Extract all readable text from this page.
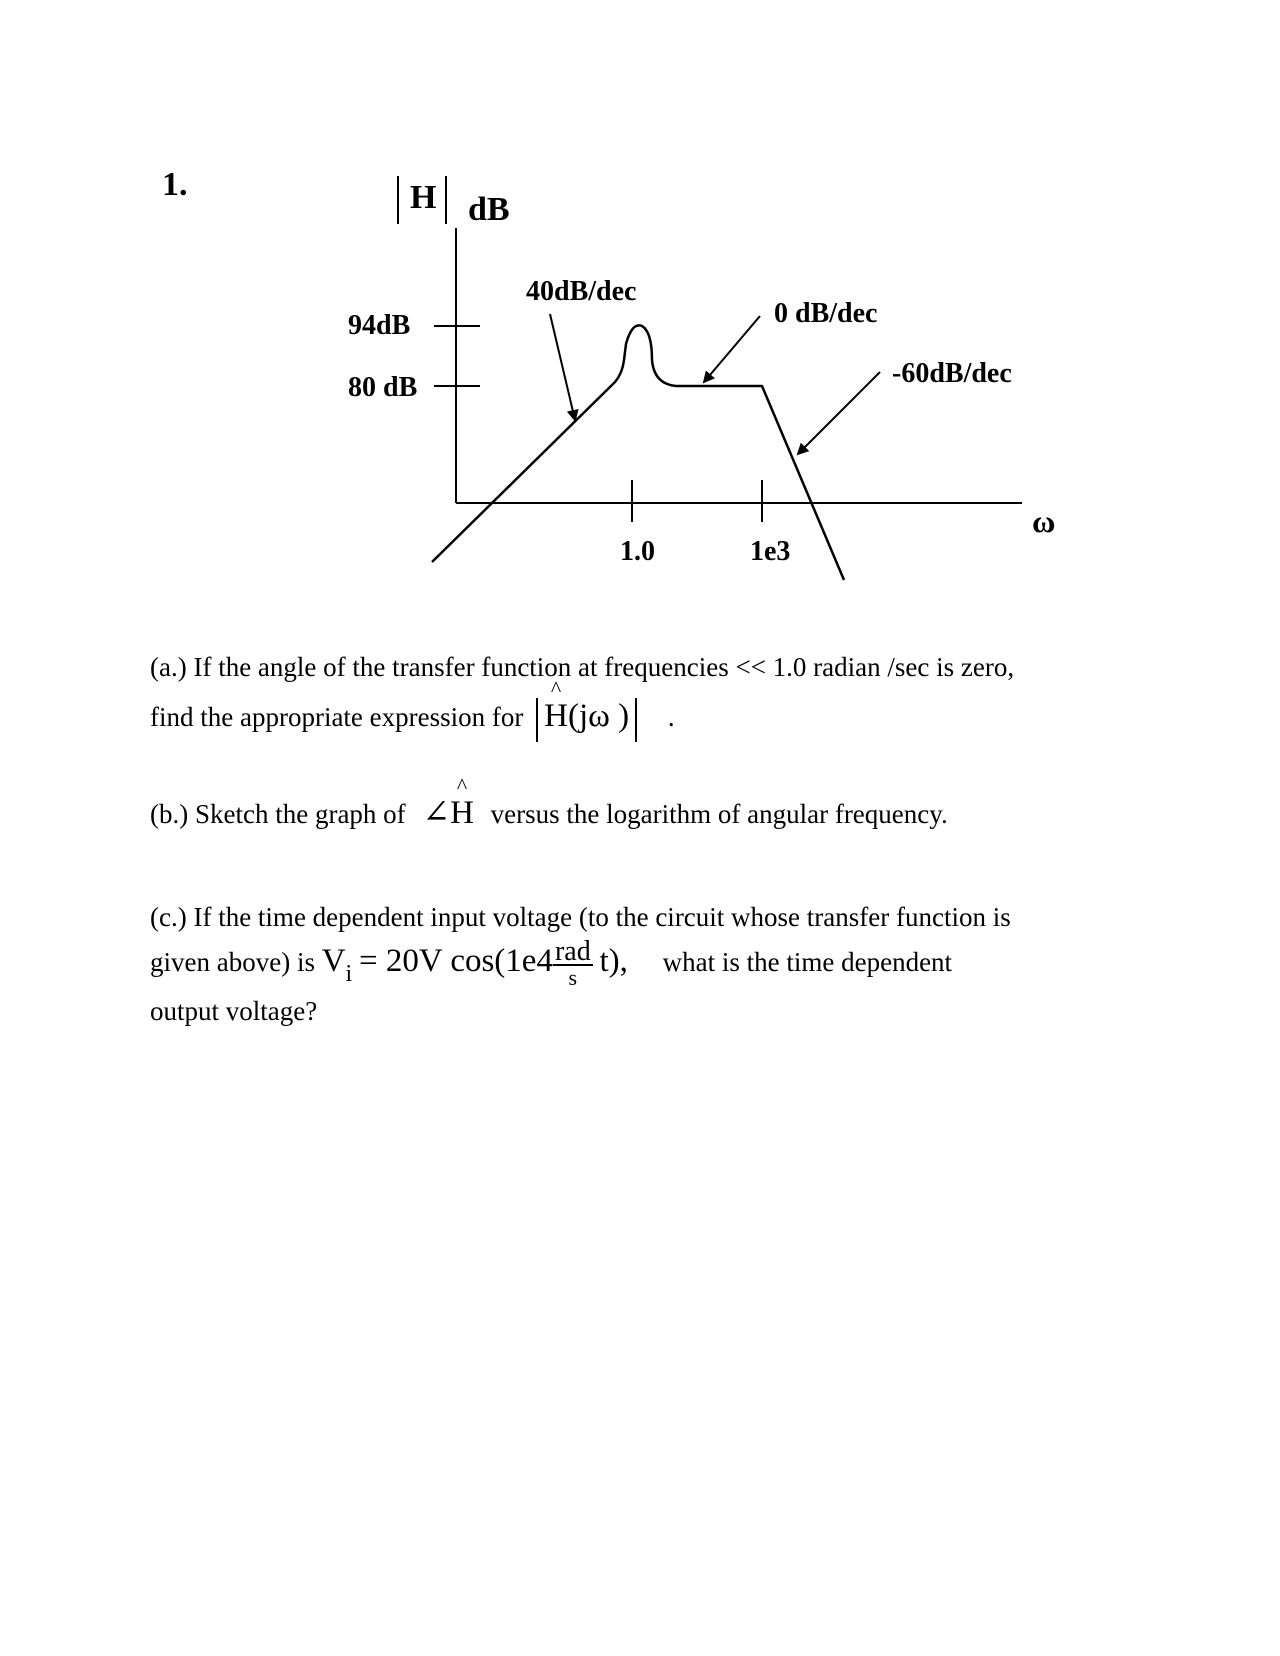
1.	H dB
94dB
80 dB
1.0	1e3
ω
40dB/dec
0 dB/dec
-60dB/dec
(a.) If the angle of the transfer function at frequencies << 1.0 radian /sec is zero,
find the appropriate expression for
^
H(jω ) .
(b.) Sketch the graph of ∠
^
H versus the logarithm of angular frequency.
(c.) If the time dependent input voltage (to the circuit whose transfer function is
given above) is Vi = 20V $\cos(1e4 \frac{\text{rad}}{s} t)$, what is the time dependent
output voltage?
